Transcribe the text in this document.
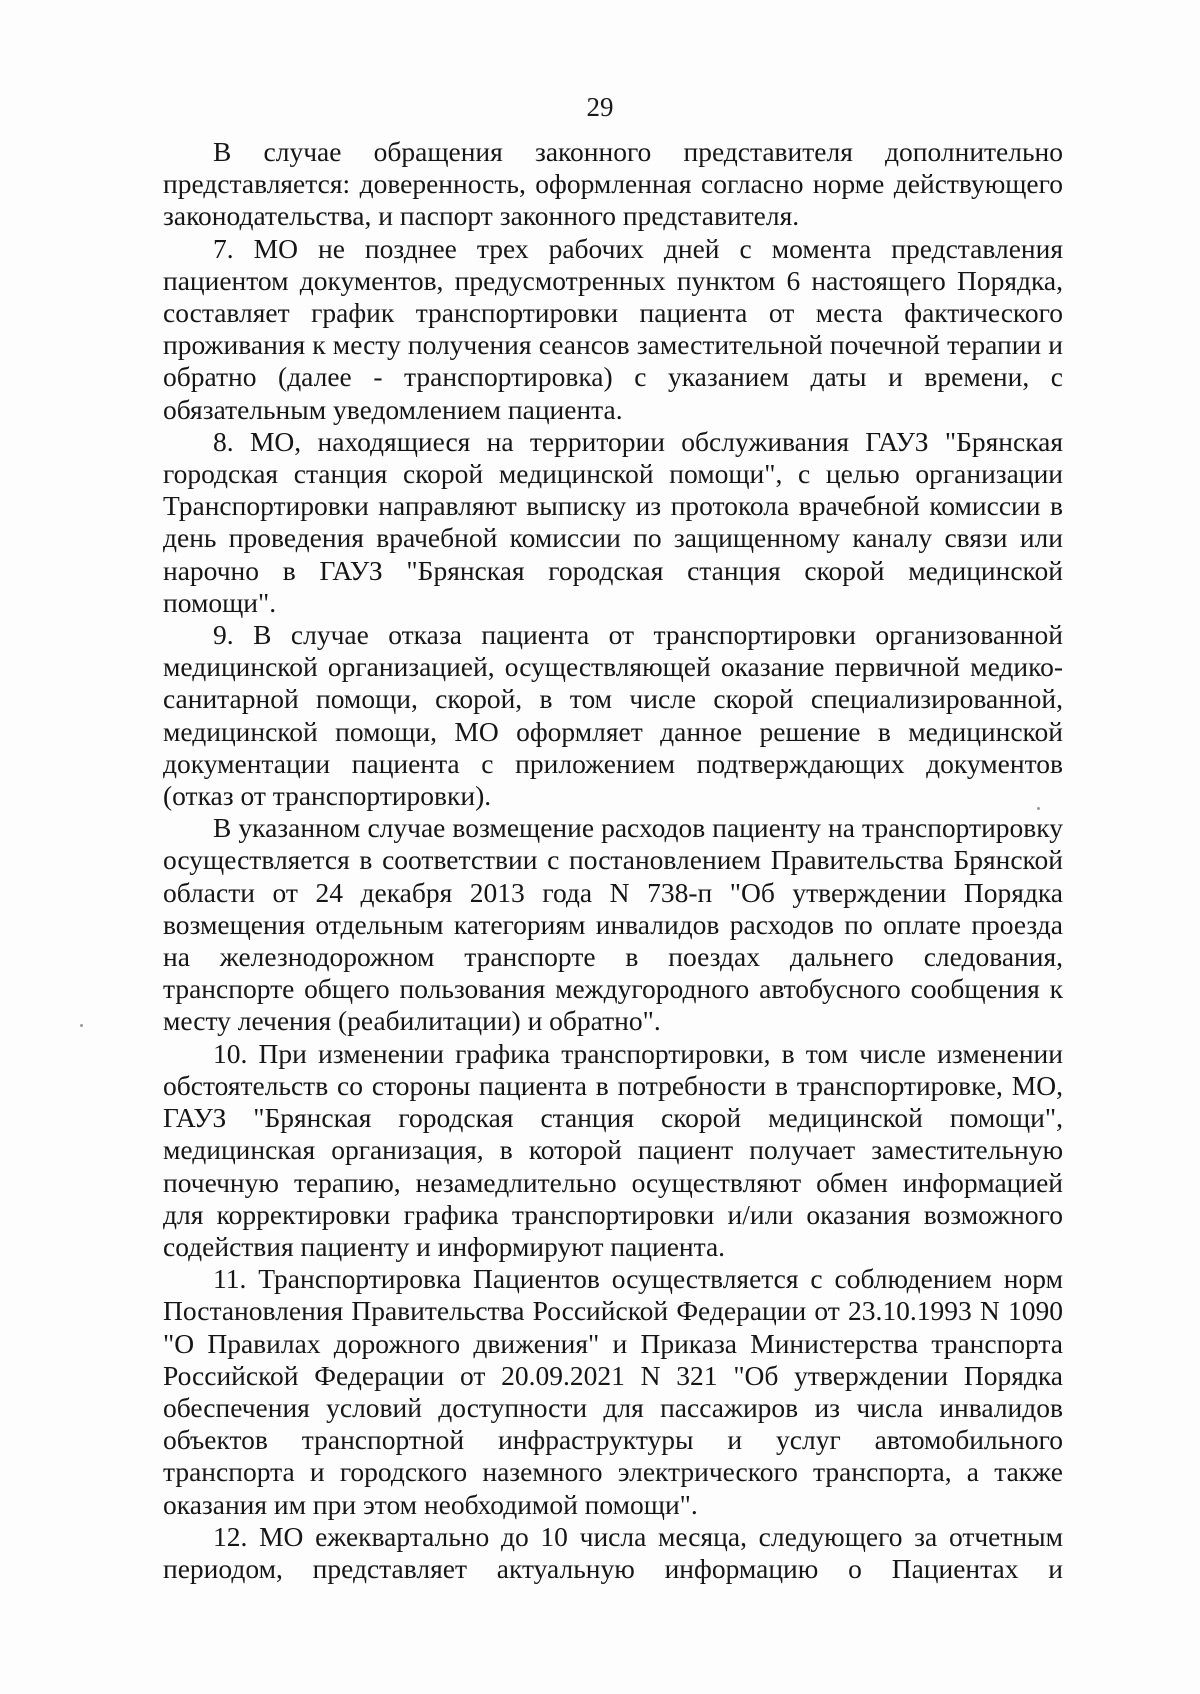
29

В случае обращения законного представителя дополнительно представляется: доверенность, оформленная согласно норме действующего законодательства, и паспорт законного представителя.

7. МО не позднее трех рабочих дней с момента представления пациентом документов, предусмотренных пунктом 6 настоящего Порядка, составляет график транспортировки пациента от места фактического проживания к месту получения сеансов заместительной почечной терапии и обратно (далее - транспортировка) с указанием даты и времени, с обязательным уведомлением пациента.

8. МО, находящиеся на территории обслуживания ГАУЗ "Брянская городская станция скорой медицинской помощи", с целью организации Транспортировки направляют выписку из протокола врачебной комиссии в день проведения врачебной комиссии по защищенному каналу связи или нарочно в ГАУЗ "Брянская городская станция скорой медицинской помощи".

9. В случае отказа пациента от транспортировки организованной медицинской организацией, осуществляющей оказание первичной медико-санитарной помощи, скорой, в том числе скорой специализированной, медицинской помощи, МО оформляет данное решение в медицинской документации пациента с приложением подтверждающих документов (отказ от транспортировки).

В указанном случае возмещение расходов пациенту на транспортировку осуществляется в соответствии с постановлением Правительства Брянской области от 24 декабря 2013 года N 738-п "Об утверждении Порядка возмещения отдельным категориям инвалидов расходов по оплате проезда на железнодорожном транспорте в поездах дальнего следования, транспорте общего пользования междугородного автобусного сообщения к месту лечения (реабилитации) и обратно".

10. При изменении графика транспортировки, в том числе изменении обстоятельств со стороны пациента в потребности в транспортировке, МО, ГАУЗ "Брянская городская станция скорой медицинской помощи", медицинская организация, в которой пациент получает заместительную почечную терапию, незамедлительно осуществляют обмен информацией для корректировки графика транспортировки и/или оказания возможного содействия пациенту и информируют пациента.

11. Транспортировка Пациентов осуществляется с соблюдением норм Постановления Правительства Российской Федерации от 23.10.1993 N 1090 "О Правилах дорожного движения" и Приказа Министерства транспорта Российской Федерации от 20.09.2021 N 321 "Об утверждении Порядка обеспечения условий доступности для пассажиров из числа инвалидов объектов транспортной инфраструктуры и услуг автомобильного транспорта и городского наземного электрического транспорта, а также оказания им при этом необходимой помощи".

12. МО ежеквартально до 10 числа месяца, следующего за отчетным периодом, представляет актуальную информацию о Пациентах и
